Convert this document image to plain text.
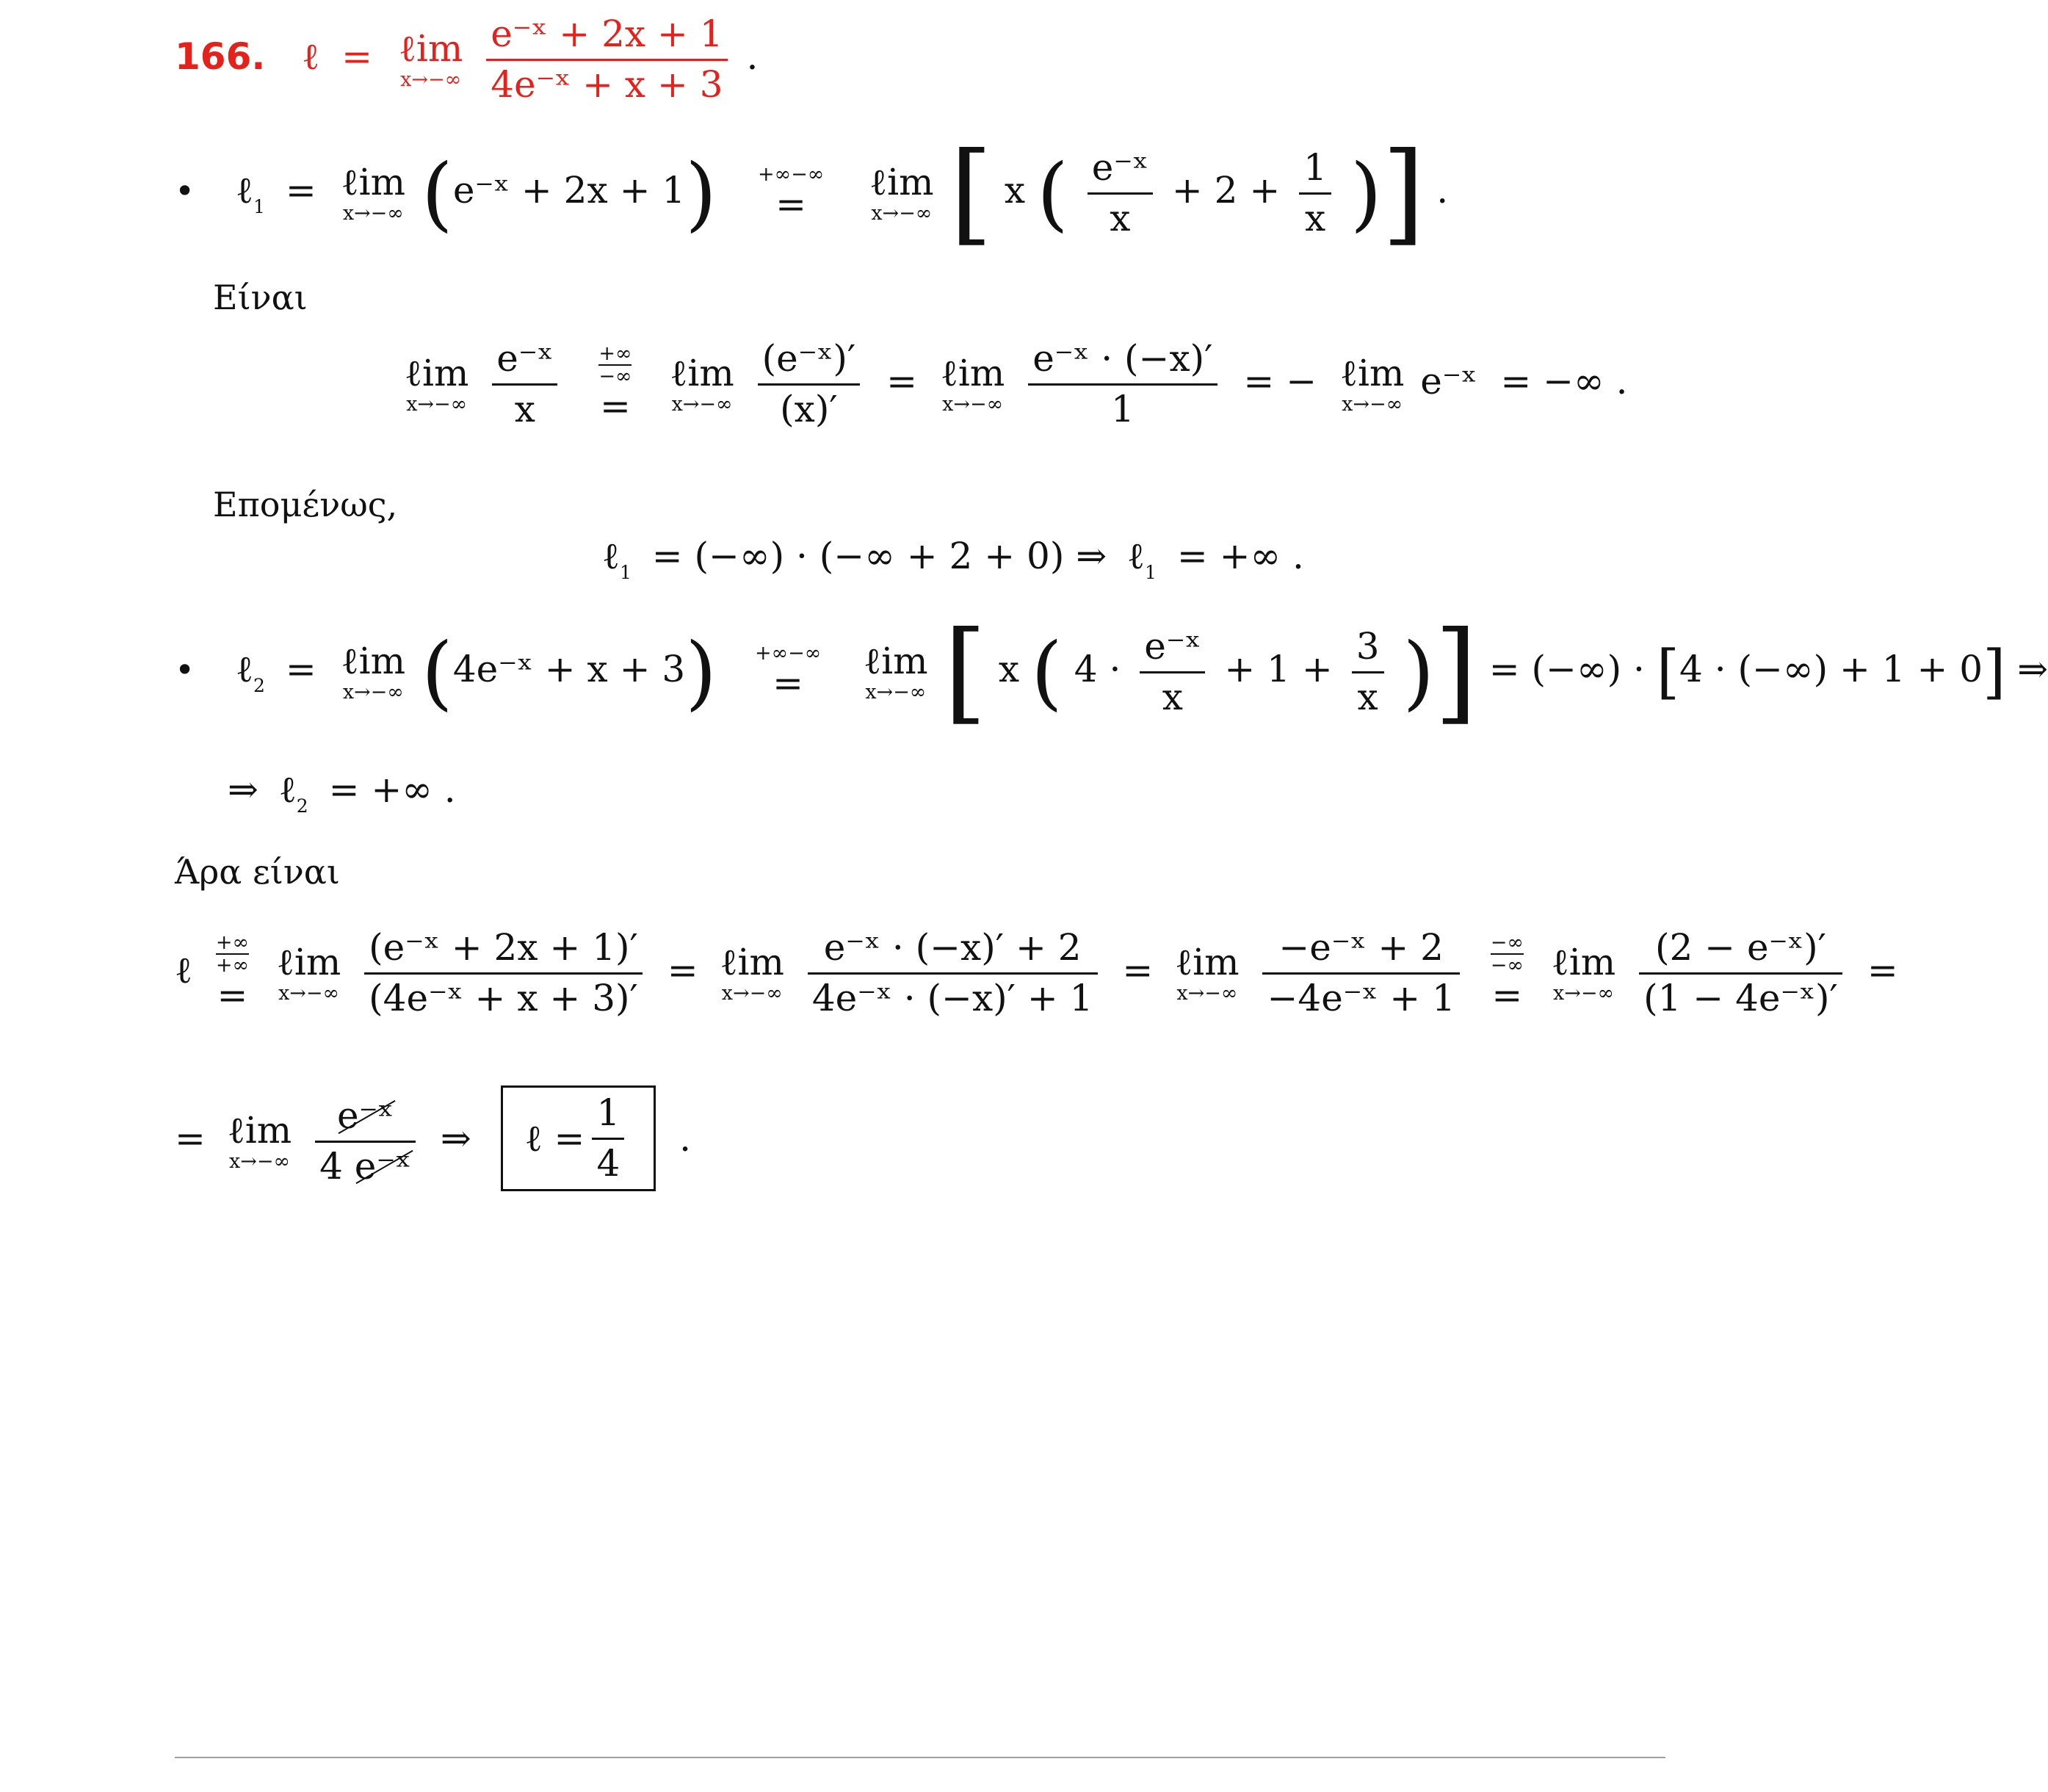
166. ℓ = ℓim
x→−∞
$\frac{\text{e⁻ˣ + 2x + 1}}{\text{4e⁻ˣ + x + 3}}$ .
• ℓ$_1$ = ℓim
x→−∞ (e⁻ˣ + 2x + 1) +∞−∞
=

ℓim
x→−∞ [ x ( $\frac{\text{e⁻ˣ}}{x} + 2 + \frac{1}{x}$ )] .
Είναι
ℓim
x→−∞
$\frac{\text{e⁻ˣ}}{x}$
+∞
−∞
=

ℓim
x→−∞
$\frac{\text{(e⁻ˣ)′}}{(x)'}$ = ℓim
x→−∞
$\frac{\text{e⁻ˣ · (−x)′}}{1}$ = − ℓim
x→−∞
e⁻ˣ = −∞ .
Επομένως,
ℓ$_1$ = (−∞) · (−∞ + 2 + 0) ⇒ ℓ$_1$ = +∞ .
• ℓ$_2$ = ℓim
x→−∞ (4e⁻ˣ + x + 3) +∞−∞
=

ℓim
x→−∞ [ x ( $4 \cdot \frac{\text{e⁻ˣ}}{x} + 1 + \frac{3}{x}$ )] = (−∞) · [4 · (−∞) + 1 + 0] ⇒
⇒ ℓ$_2$ = +∞ .
Άρα είναι
ℓ
+∞
+∞
=

ℓim
x→−∞
$\frac{\text{(e⁻ˣ + 2x + 1)′}}{\text{(4e⁻ˣ + x + 3)′}}$ = ℓim
x→−∞
$\frac{\text{e⁻ˣ · (−x)′ + 2}}{\text{4e⁻ˣ · (−x)′ + 1}}$ = ℓim
x→−∞
$\frac{\text{−e⁻ˣ + 2}}{\text{−4e⁻ˣ + 1}}$
−∞
−∞
=

ℓim
x→−∞
$\frac{\text{(2 − e⁻ˣ)′}}{\text{(1 − 4e⁻ˣ)′}}$ =
= ℓim
x→−∞
$\frac{\text{e⁻ˣ}}{\text{4 e⁻ˣ}}$ ⇒ ℓ = $\frac{1}{4}$ .
